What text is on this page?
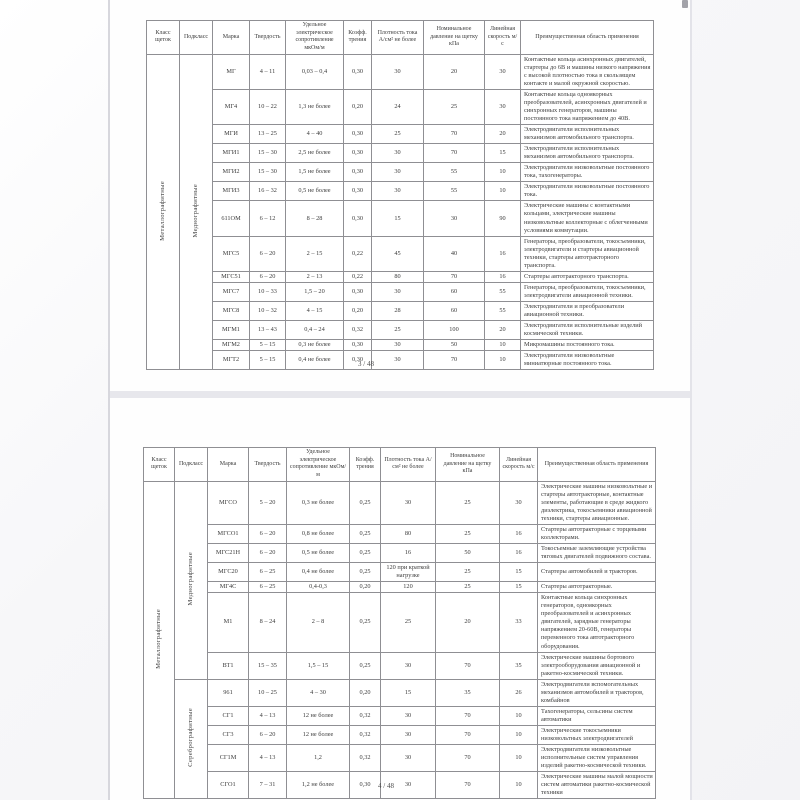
Класс щеток	Подкласс	Марка	Твердость	Удельное электрическое сопротивление мкОм/м	Коэфф. трения	Плотность тока А/см² не более	Номинальное давление на щетку кПа	Линейная скорость м/с	Преимущественная область применения
Металлографитные	Меднографитные	МГ	4 – 11	0,03 – 0,4	0,30	30	20	30	Контактные кольца асинхронных двигателей, стартеры до 6В и машины низкого напряжения с высокой плотностью тока в скользящем контакте и малой окружной скоростью.
		МГ4	10 – 22	1,3 не более	0,20	24	25	30	Контактные кольца одноякорных преобразователей, асинхронных двигателей и синхронных генераторов, машины постоянного тока напряжением до 40В.
		МГИ	13 – 25	4 – 40	0,30	25	70	20	Электродвигатели исполнительных механизмов автомобильного транспорта.
		МГИ1	15 – 30	2,5 не более	0,30	30	70	15	Электродвигатели исполнительных механизмов автомобильного транспорта.
		МГИ2	15 – 30	1,5 не более	0,30	30	55	10	Электродвигатели низковольтные постоянного тока, тахогенераторы.
		МГИ3	16 – 32	0,5 не более	0,30	30	55	10	Электродвигатели низковольтные постоянного тока.
		611ОМ	6 – 12	8 – 28	0,30	15	30	90	Электрические машины с контактными кольцами, электрические машины низковольтные коллекторные с облегченными условиями коммутации.
		МГС5	6 – 20	2 – 15	0,22	45	40	16	Генераторы, преобразователи, токосъемники, электродвигатели и стартеры авиационной техники, стартеры автотракторного транспорта.
		МГС51	6 – 20	2 – 13	0,22	80	70	16	Стартеры автотракторного транспорта.
		МГС7	10 – 33	1,5 – 20	0,30	30	60	55	Генераторы, преобразователи, токосъемники, электродвигатели авиационной техники.
		МГС8	10 – 32	4 – 15	0,20	28	60	55	Электродвигатели и преобразователи авиационной техники.
		МГМ1	13 – 43	0,4 – 24	0,32	25	100	20	Электродвигатели исполнительные изделий космической техники.
		МГМ2	5 – 15	0,3 не более	0,30	30	50	10	Микромашины постоянного тока.
		МГТ2	5 – 15	0,4 не более	0,30	30	70	10	Электродвигатели низковольтные миниатюрные постоянного тока.
3 / 48
Класс щеток	Подкласс	Марка	Твердость	Удельное электрическое сопротивление мкОм/м	Коэфф. трения	Плотность тока А/см² не более	Номинальное давление на щетку кПа	Линейная скорость м/с	Преимущественная область применения
Металлографитные	Меднографитные	МГСО	5 – 20	0,3 не более	0,25	30	25	30	Электрические машины низковольтные и стартеры автотракторные, контактные элементы, работающие в среде жидкого диэлектрика, токосъемники авиационной техники, стартеры авиационные.
		МГСО1	6 – 20	0,8 не более	0,25	80	25	16	Стартеры автотракторные с торцевыми коллекторами.
		МГС21Н	6 – 20	0,5 не более	0,25	16	50	16	Токосъемные заземляющие устройства тяговых двигателей подвижного состава.
		МГС20	6 – 25	0,4 не более	0,25	120 при краткой нагрузке	25	15	Стартеры автомобилей и тракторов.
		МГ4С	6 – 25	0,4-0,3	0,20	120	25	15	Стартеры автотракторные.
		М1	8 – 24	2 – 8	0,25	25	20	33	Контактные кольца синхронных генераторов, одноякорных преобразователей и асинхронных двигателей, зарядные генераторы напряжением 20-60В, генераторы переменного тока автотракторного оборудования.
		ВТ1	15 – 35	1,5 – 15	0,25	30	70	35	Электрические машины бортового электрооборудования авиационной и ракетно-космической техники.
	Серебрографитные	961	10 – 25	4 – 30	0,20	15	35	26	Электродвигатели вспомогательных механизмов автомобилей и тракторов, комбайнов
		СГ1	4 – 13	12 не более	0,32	30	70	10	Тахогенераторы, сельсины систем автоматики
		СГ3	6 – 20	12 не более	0,32	30	70	10	Электрические токосъемники низковольтных электродвигателей
		СГ1М	4 – 13	1,2	0,32	30	70	10	Электродвигатели низковольтные исполнительные систем управления изделий ракетно-космической техники.
		СГО1	7 – 31	1,2 не более	0,30	30	70	10	Электрические машины малой мощности систем автоматики ракетно-космической техники
4 / 48
